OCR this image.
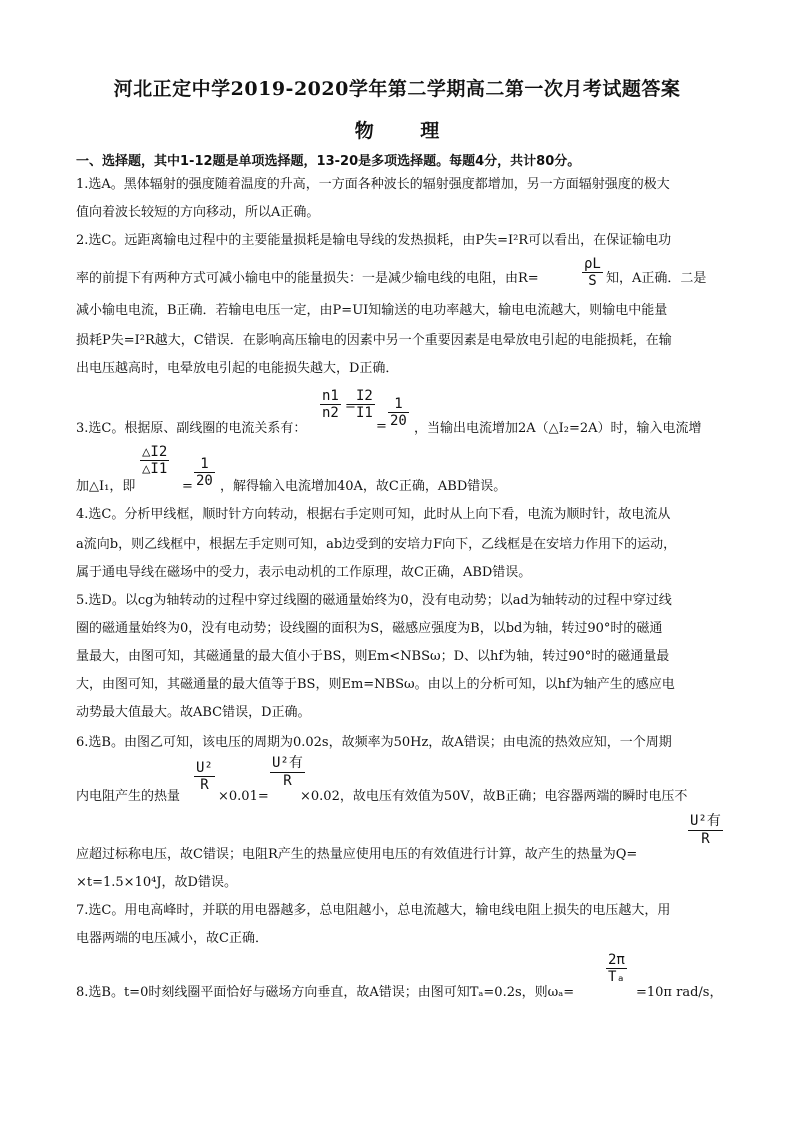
河北正定中学2019-2020学年第二学期高二第一次月考试题答案
物 理
一、选择题，其中1-12题是单项选择题，13-20是多项选择题。每题4分，共计80分。
1.选A。黑体辐射的强度随着温度的升高，一方面各种波长的辐射强度都增加，另一方面辐射强度的极大
值向着波长较短的方向移动，所以A正确。
2.选C。远距离输电过程中的主要能量损耗是输电导线的发热损耗，由P失=I²R可以看出，在保证输电功
率的前提下有两种方式可减小输电中的能量损失：一是减少输电线的电阻，由R=	$\frac{\rho L}{S}$ 知，A正确．二是
减小输电电流，B正确．若输电电压一定，由P=UI知输送的电功率越大，输电电流越大，则输电中能量
损耗P失=I²R越大，C错误．在影响高压输电的因素中另一个重要因素是电晕放电引起的电能损耗，在输
出电压越高时，电晕放电引起的电能损失越大，D正确．
3.选C。根据原、副线圈的电流关系有：
$\frac{n1}{n2}$ =
$\frac{I2}{I1}$
= $\frac{1}{20}$ ，当输出电流增加2A（△I₂=2A）时，输入电流增
加△I₁，即
$\frac{\triangle I2}{\triangle I1}$
= $\frac{1}{20}$ ，解得输入电流增加40A，故C正确，ABD错误。
4.选C。分析甲线框，顺时针方向转动，根据右手定则可知，此时从上向下看，电流为顺时针，故电流从
a流向b，则乙线框中，根据左手定则可知，ab边受到的安培力F向下，乙线框是在安培力作用下的运动，
属于通电导线在磁场中的受力，表示电动机的工作原理，故C正确，ABD错误。
5.选D。以cg为轴转动的过程中穿过线圈的磁通量始终为0，没有电动势；以ad为轴转动的过程中穿过线
圈的磁通量始终为0，没有电动势；设线圈的面积为S，磁感应强度为B，以bd为轴，转过90°时的磁通
量最大，由图可知，其磁通量的最大值小于BS，则Em<NBSω；D、以hf为轴，转过90°时的磁通量最
大，由图可知，其磁通量的最大值等于BS，则Em=NBSω。由以上的分析可知，以hf为轴产生的感应电
动势最大值最大。故ABC错误，D正确。
6.选B。由图乙可知，该电压的周期为0.02s，故频率为50Hz，故A错误；由电流的热效应知，一个周期
内电阻产生的热量
$\frac{\text{U²}}{R}$
×0.01=
U²有
R
×0.02，故电压有效值为50V，故B正确；电容器两端的瞬时电压不
应超过标称电压，故C错误；电阻R产生的热量应使用电压的有效值进行计算，故产生的热量为Q=
U²有
R
×t=1.5×10⁴J，故D错误。
7.选C。用电高峰时，并联的用电器越多，总电阻越小，总电流越大，输电线电阻上损失的电压越大，用
电器两端的电压减小，故C正确．
8.选B。t=0时刻线圈平面恰好与磁场方向垂直，故A错误；由图可知Tₐ=0.2s，则ωₐ=
$\frac{2\pi}{\text{Tₐ}}$
=10π rad/s，
